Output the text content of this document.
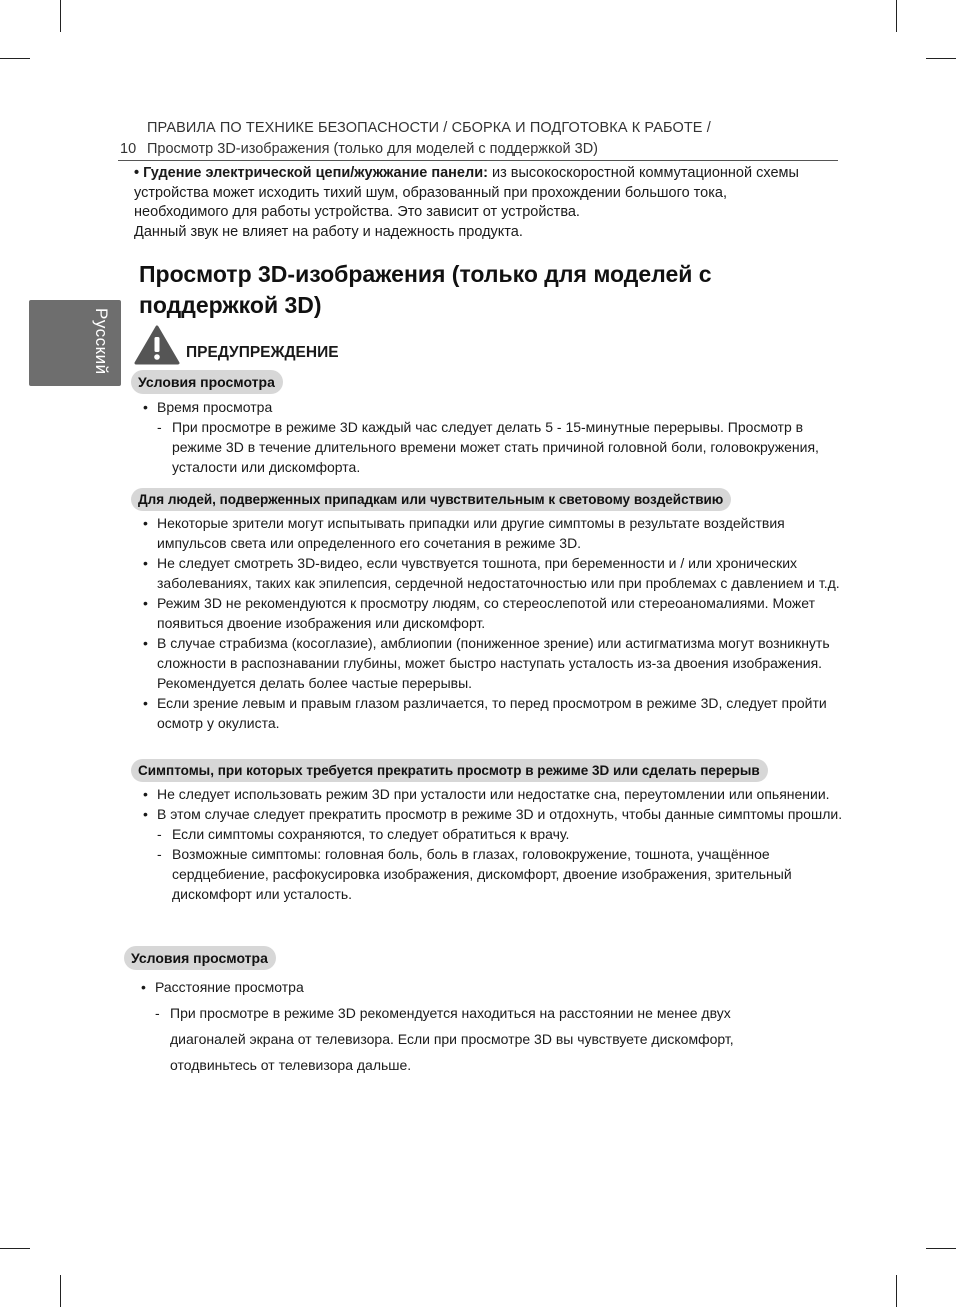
ПРАВИЛА ПО ТЕХНИКЕ БЕЗОПАСНОСТИ / СБОРКА И ПОДГОТОВКА К РАБОТЕ /
10 Просмотр 3D-изображения (только для моделей с поддержкой 3D)
Русский
• Гудение электрической цепи/жужжание панели: из высокоскоростной коммутационной схемы устройства может исходить тихий шум, образованный при прохождении большого тока, необходимого для работы устройства. Это зависит от устройства.
Данный звук не влияет на работу и надежность продукта.
Просмотр 3D-изображения (только для моделей с поддержкой 3D)
ПРЕДУПРЕЖДЕНИЕ
Условия просмотра
• Время просмотра
- При просмотре в режиме 3D каждый час следует делать 5 - 15-минутные перерывы. Просмотр в режиме 3D в течение длительного времени может стать причиной головной боли, головокружения, усталости или дискомфорта.
Для людей, подверженных припадкам или чувствительным к световому воздействию
• Некоторые зрители могут испытывать припадки или другие симптомы в результате воздействия импульсов света или определенного его сочетания в режиме 3D.
• Не следует смотреть 3D-видео, если чувствуется тошнота, при беременности и / или хронических заболеваниях, таких как эпилепсия, сердечной недостаточностью или при проблемах с давлением и т.д.
• Режим 3D не рекомендуются к просмотру людям, со стереослепотой или стереоаномалиями. Может появиться двоение изображения или дискомфорт.
• В случае страбизма (косоглазие), амблиопии (пониженное зрение) или астигматизма могут возникнуть сложности в распознавании глубины, может быстро наступать усталость из-за двоения изображения. Рекомендуется делать более частые перерывы.
• Если зрение левым и правым глазом различается, то перед просмотром в режиме 3D, следует пройти осмотр у окулиста.
Симптомы, при которых требуется прекратить просмотр в режиме 3D или сделать перерыв
• Не следует использовать режим 3D при усталости или недостатке сна, переутомлении или опьянении.
• В этом случае следует прекратить просмотр в режиме 3D и отдохнуть, чтобы данные симптомы прошли.
- Если симптомы сохраняются, то следует обратиться к врачу.
- Возможные симптомы: головная боль, боль в глазах, головокружение, тошнота, учащённое сердцебиение, расфокусировка изображения, дискомфорт, двоение изображения, зрительный дискомфорт или усталость.
Условия просмотра
• Расстояние просмотра
- При просмотре в режиме 3D рекомендуется находиться на расстоянии не менее двух диагоналей экрана от телевизора. Если при просмотре 3D вы чувствуете дискомфорт, отодвиньтесь от телевизора дальше.
